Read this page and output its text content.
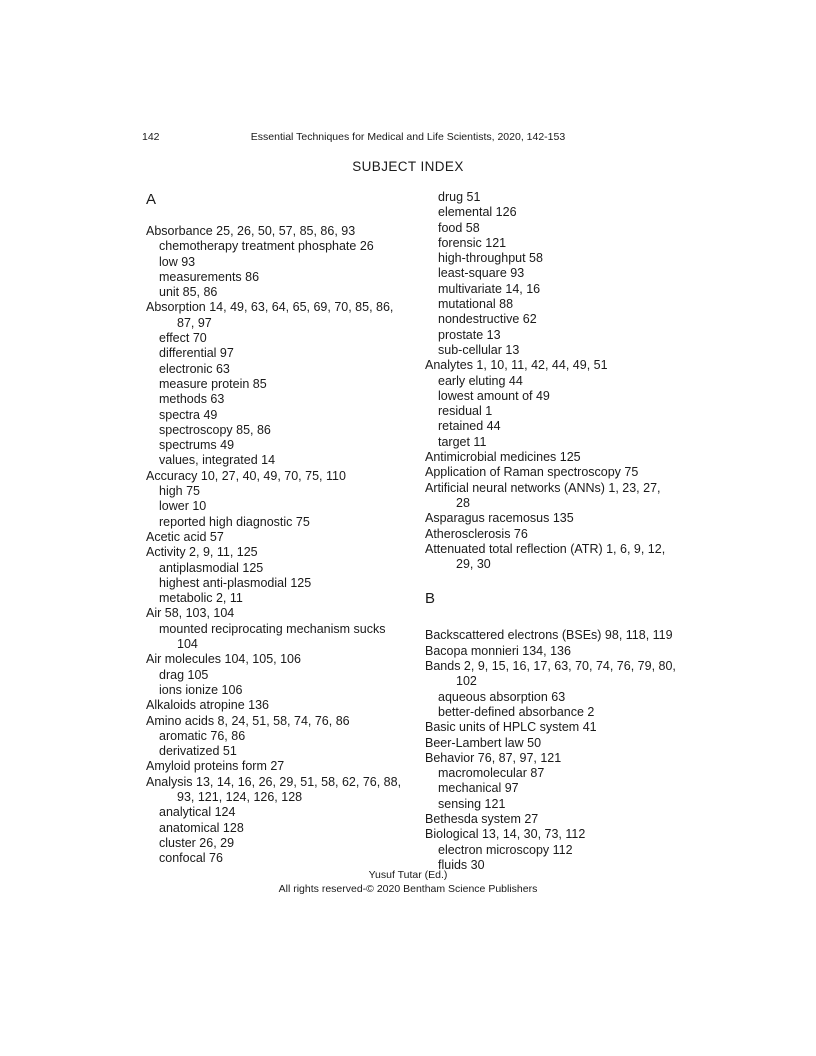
142	Essential Techniques for Medical and Life Scientists, 2020, 142-153
SUBJECT INDEX
A
Absorbance 25, 26, 50, 57, 85, 86, 93
chemotherapy treatment phosphate 26
low 93
measurements 86
unit 85, 86
Absorption 14, 49, 63, 64, 65, 69, 70, 85, 86,
87, 97
effect 70
differential 97
electronic 63
measure protein 85
methods 63
spectra 49
spectroscopy 85, 86
spectrums 49
values, integrated 14
Accuracy 10, 27, 40, 49, 70, 75, 110
high 75
lower 10
reported high diagnostic 75
Acetic acid 57
Activity 2, 9, 11, 125
antiplasmodial 125
highest anti-plasmodial 125
metabolic 2, 11
Air 58, 103, 104
mounted reciprocating mechanism sucks
104
Air molecules 104, 105, 106
drag 105
ions ionize 106
Alkaloids atropine 136
Amino acids 8, 24, 51, 58, 74, 76, 86
aromatic 76, 86
derivatized 51
Amyloid proteins form 27
Analysis 13, 14, 16, 26, 29, 51, 58, 62, 76, 88,
93, 121, 124, 126, 128
analytical 124
anatomical 128
cluster 26, 29
confocal 76
drug 51
elemental 126
food 58
forensic 121
high-throughput 58
least-square 93
multivariate 14, 16
mutational 88
nondestructive 62
prostate 13
sub-cellular 13
Analytes 1, 10, 11, 42, 44, 49, 51
early eluting 44
lowest amount of 49
residual 1
retained 44
target 11
Antimicrobial medicines 125
Application of Raman spectroscopy 75
Artificial neural networks (ANNs) 1, 23, 27,
28
Asparagus racemosus 135
Atherosclerosis 76
Attenuated total reflection (ATR) 1, 6, 9, 12,
29, 30
B
Backscattered electrons (BSEs) 98, 118, 119
Bacopa monnieri 134, 136
Bands 2, 9, 15, 16, 17, 63, 70, 74, 76, 79, 80,
102
aqueous absorption 63
better-defined absorbance 2
Basic units of HPLC system 41
Beer-Lambert law 50
Behavior 76, 87, 97, 121
macromolecular 87
mechanical 97
sensing 121
Bethesda system 27
Biological 13, 14, 30, 73, 112
electron microscopy 112
fluids 30
Yusuf Tutar (Ed.)
All rights reserved-© 2020 Bentham Science Publishers
